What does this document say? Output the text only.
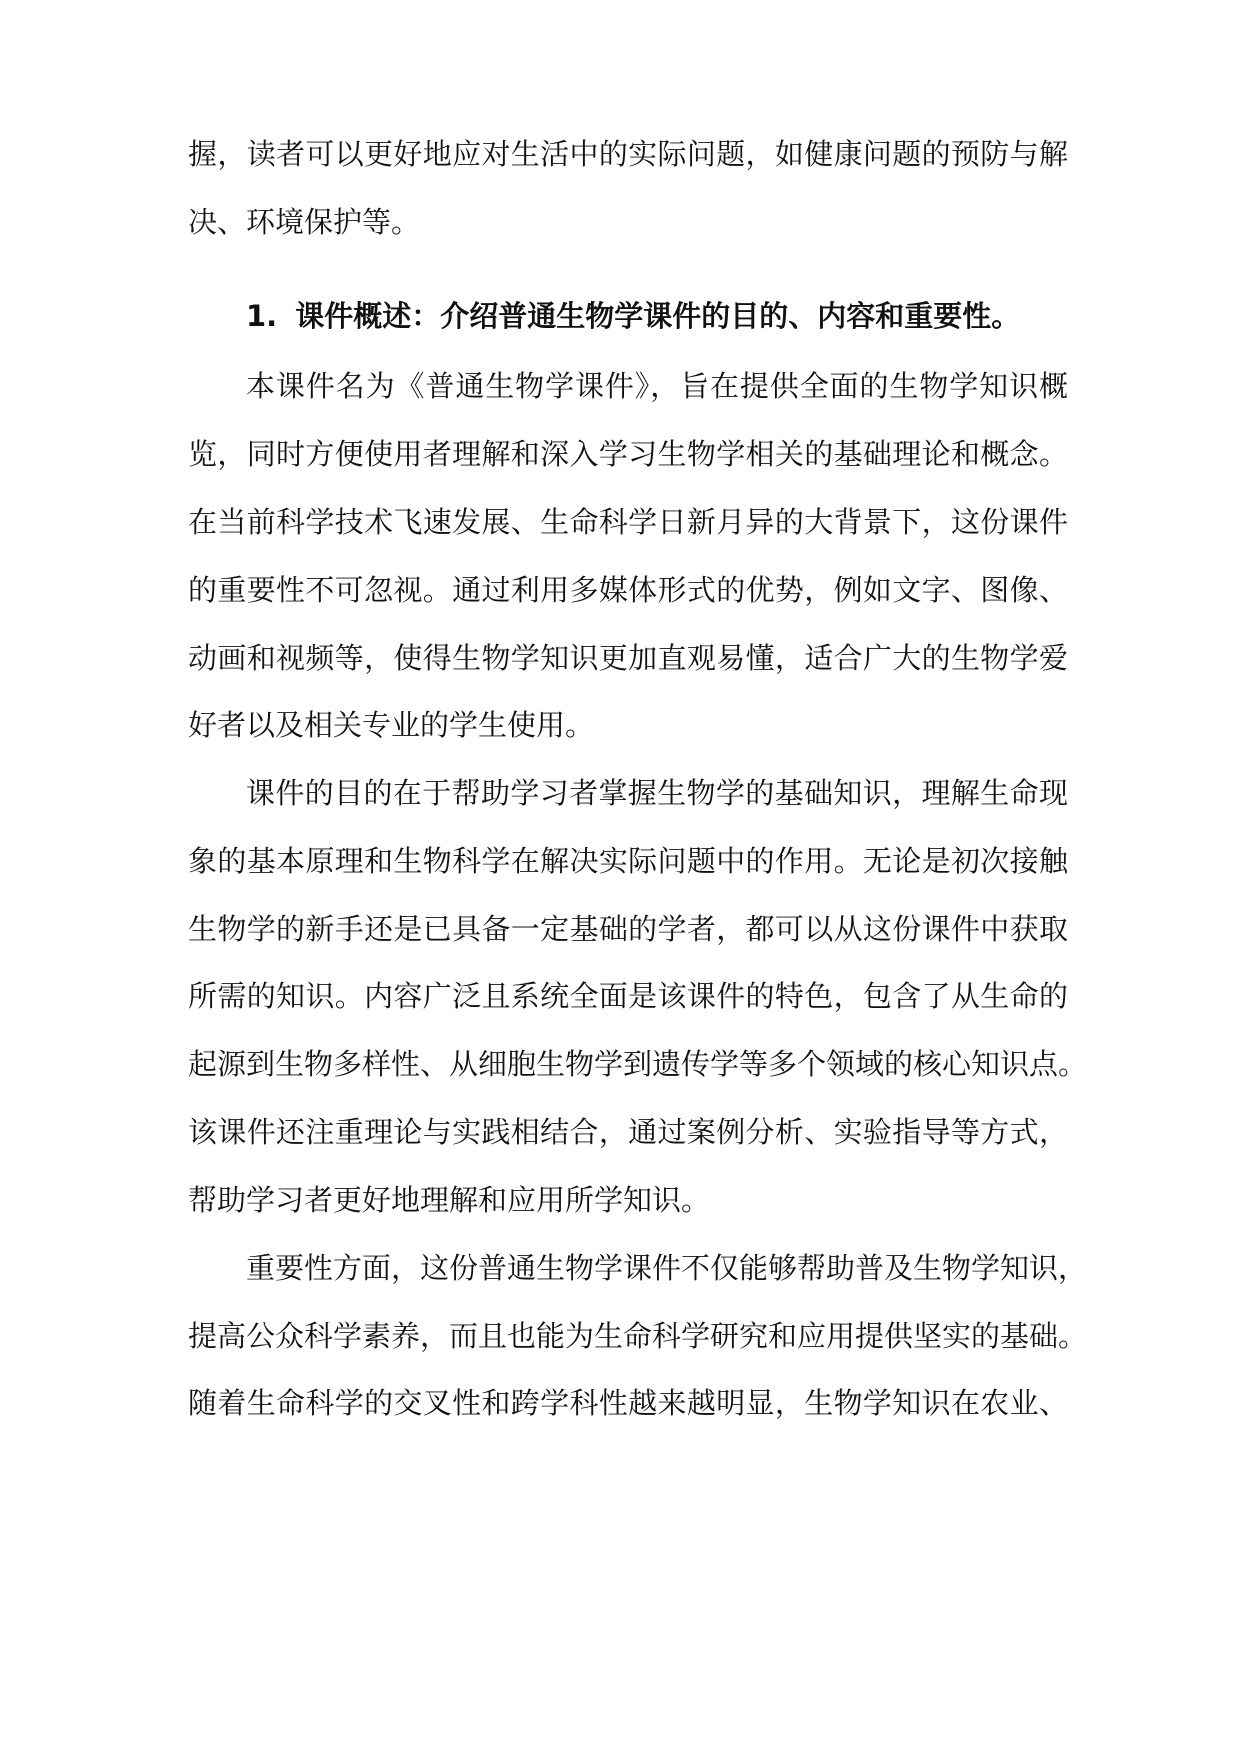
握，读者可以更好地应对生活中的实际问题，如健康问题的预防与解
决、环境保护等。
1. 课件概述：介绍普通生物学课件的目的、内容和重要性。
本课件名为《普通生物学课件》，旨在提供全面的生物学知识概
览，同时方便使用者理解和深入学习生物学相关的基础理论和概念。
在当前科学技术飞速发展、生命科学日新月异的大背景下，这份课件
的重要性不可忽视。通过利用多媒体形式的优势，例如文字、图像、
动画和视频等，使得生物学知识更加直观易懂，适合广大的生物学爱
好者以及相关专业的学生使用。
课件的目的在于帮助学习者掌握生物学的基础知识，理解生命现
象的基本原理和生物科学在解决实际问题中的作用。无论是初次接触
生物学的新手还是已具备一定基础的学者，都可以从这份课件中获取
所需的知识。内容广泛且系统全面是该课件的特色，包含了从生命的
起源到生物多样性、从细胞生物学到遗传学等多个领域的核心知识点。
该课件还注重理论与实践相结合，通过案例分析、实验指导等方式，
帮助学习者更好地理解和应用所学知识。
重要性方面，这份普通生物学课件不仅能够帮助普及生物学知识，
提高公众科学素养，而且也能为生命科学研究和应用提供坚实的基础。
随着生命科学的交叉性和跨学科性越来越明显，生物学知识在农业、
